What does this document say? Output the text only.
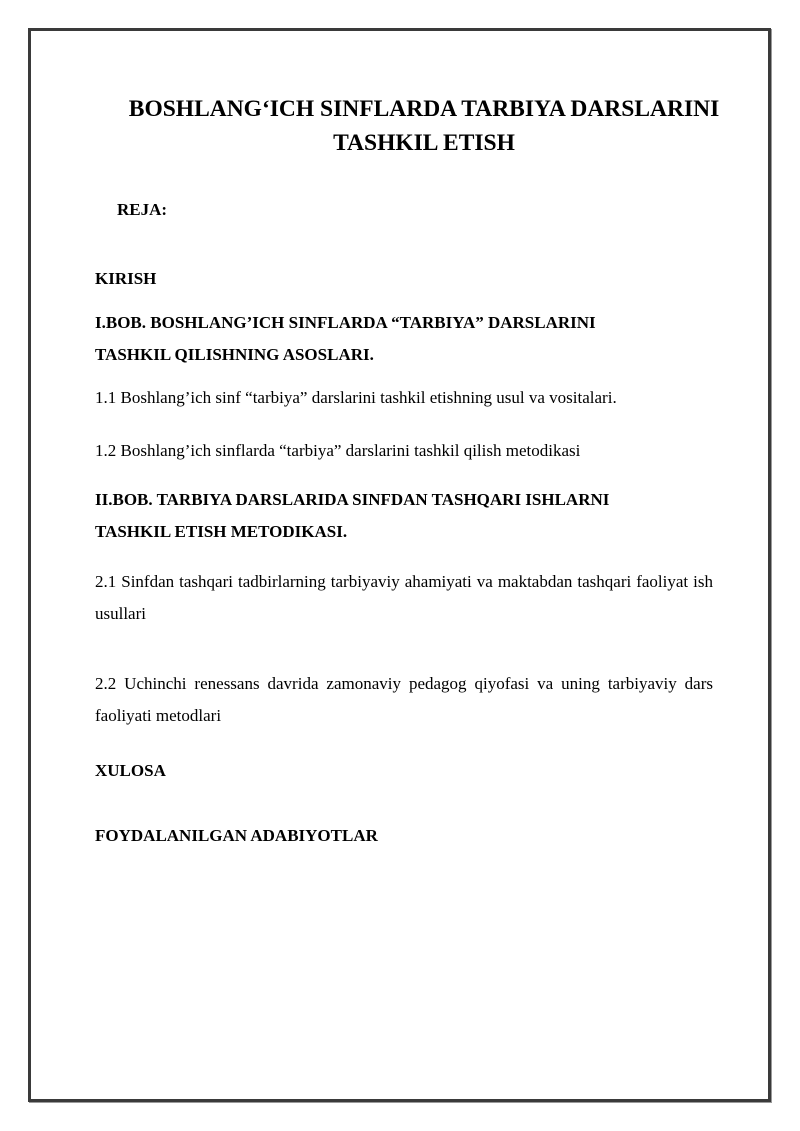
BOSHLANG‘ICH SINFLARDA TARBIYA DARSLARINI
TASHKIL ETISH

REJA:

KIRISH

I.BOB. BOSHLANG’ICH SINFLARDA “TARBIYA” DARSLARINI

TASHKIL QILISHNING ASOSLARI.

1.1 Boshlang’ich sinf “tarbiya” darslarini tashkil etishning usul va vositalari.

1.2 Boshlang’ich sinflarda “tarbiya” darslarini tashkil qilish metodikasi

II.BOB. TARBIYA DARSLARIDA SINFDAN TASHQARI ISHLARNI

TASHKIL ETISH METODIKASI.

2.1 Sinfdan tashqari tadbirlarning tarbiyaviy ahamiyati va maktabdan tashqari faoliyat ish usullari

2.2 Uchinchi renessans davrida zamonaviy pedagog qiyofasi va uning tarbiyaviy dars faoliyati metodlari

XULOSA

FOYDALANILGAN ADABIYOTLAR
